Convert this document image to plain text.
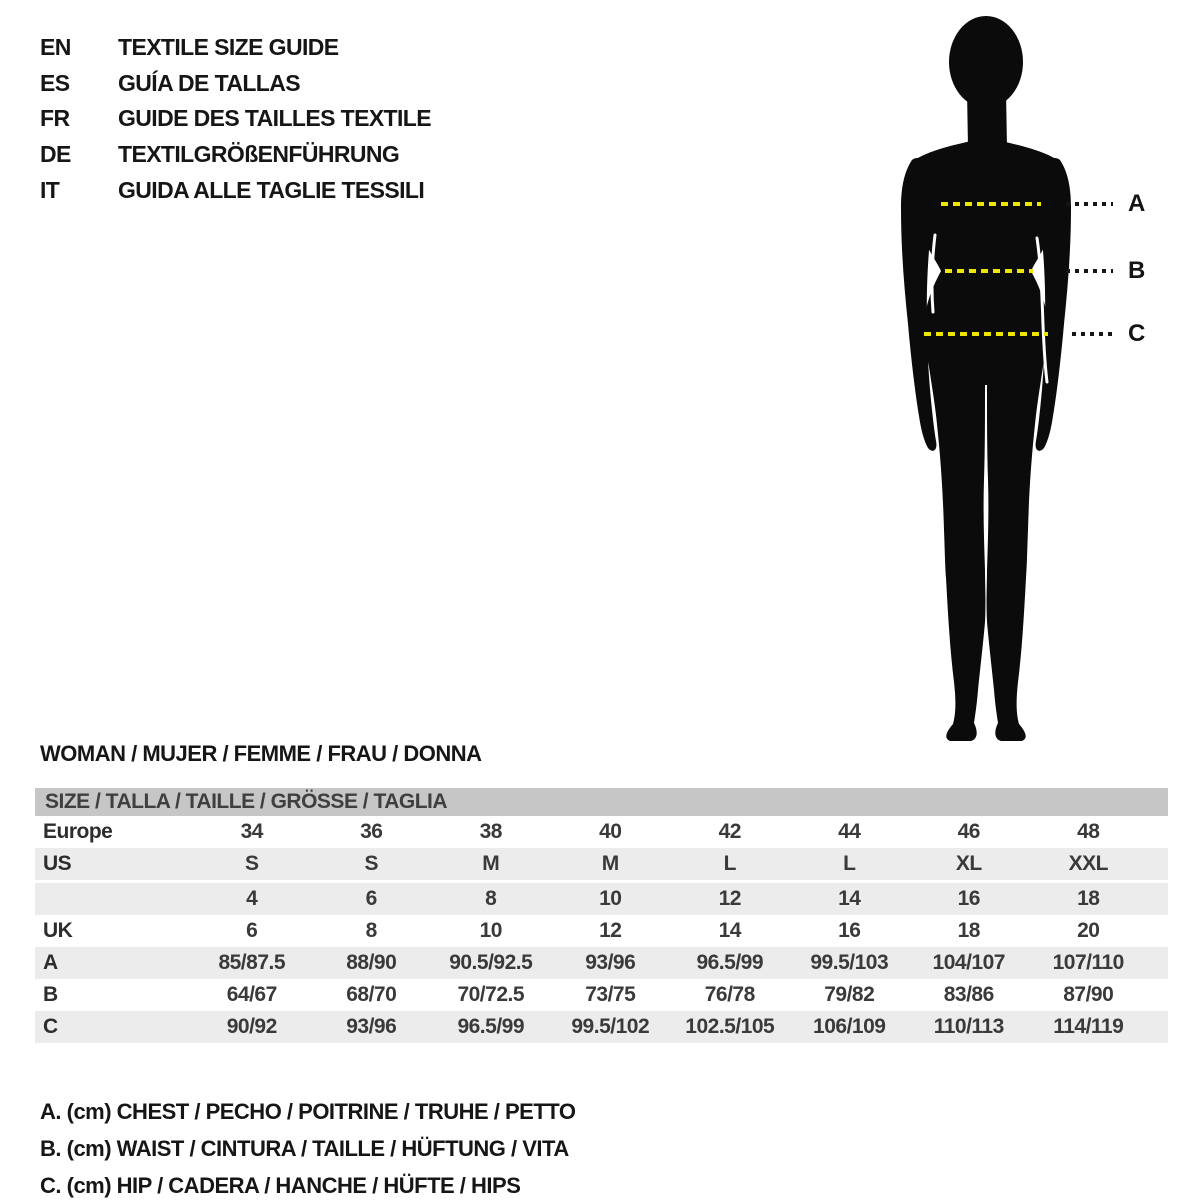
EN	TEXTILE SIZE GUIDE
ES	GUÍA DE TALLAS
FR	GUIDE DES TAILLES TEXTILE
DE	TEXTILGRÖßENFÜHRUNG
IT	GUIDA ALLE TAGLIE TESSILI
A
B
C
WOMAN / MUJER / FEMME / FRAU / DONNA
SIZE / TALLA / TAILLE / GRÖSSE / TAGLIA									
Europe	34	36	38	40	42	44	46	48	
US	S	S	M	M	L	L	XL	XXL	
	4	6	8	10	12	14	16	18	
UK	6	8	10	12	14	16	18	20	
A	85/87.5	88/90	90.5/92.5	93/96	96.5/99	99.5/103	104/107	107/110	
B	64/67	68/70	70/72.5	73/75	76/78	79/82	83/86	87/90	
C	90/92	93/96	96.5/99	99.5/102	102.5/105	106/109	110/113	114/119	
A. (cm) CHEST / PECHO / POITRINE / TRUHE / PETTO
B. (cm) WAIST / CINTURA / TAILLE / HÜFTUNG / VITA
C. (cm) HIP / CADERA / HANCHE / HÜFTE / HIPS
